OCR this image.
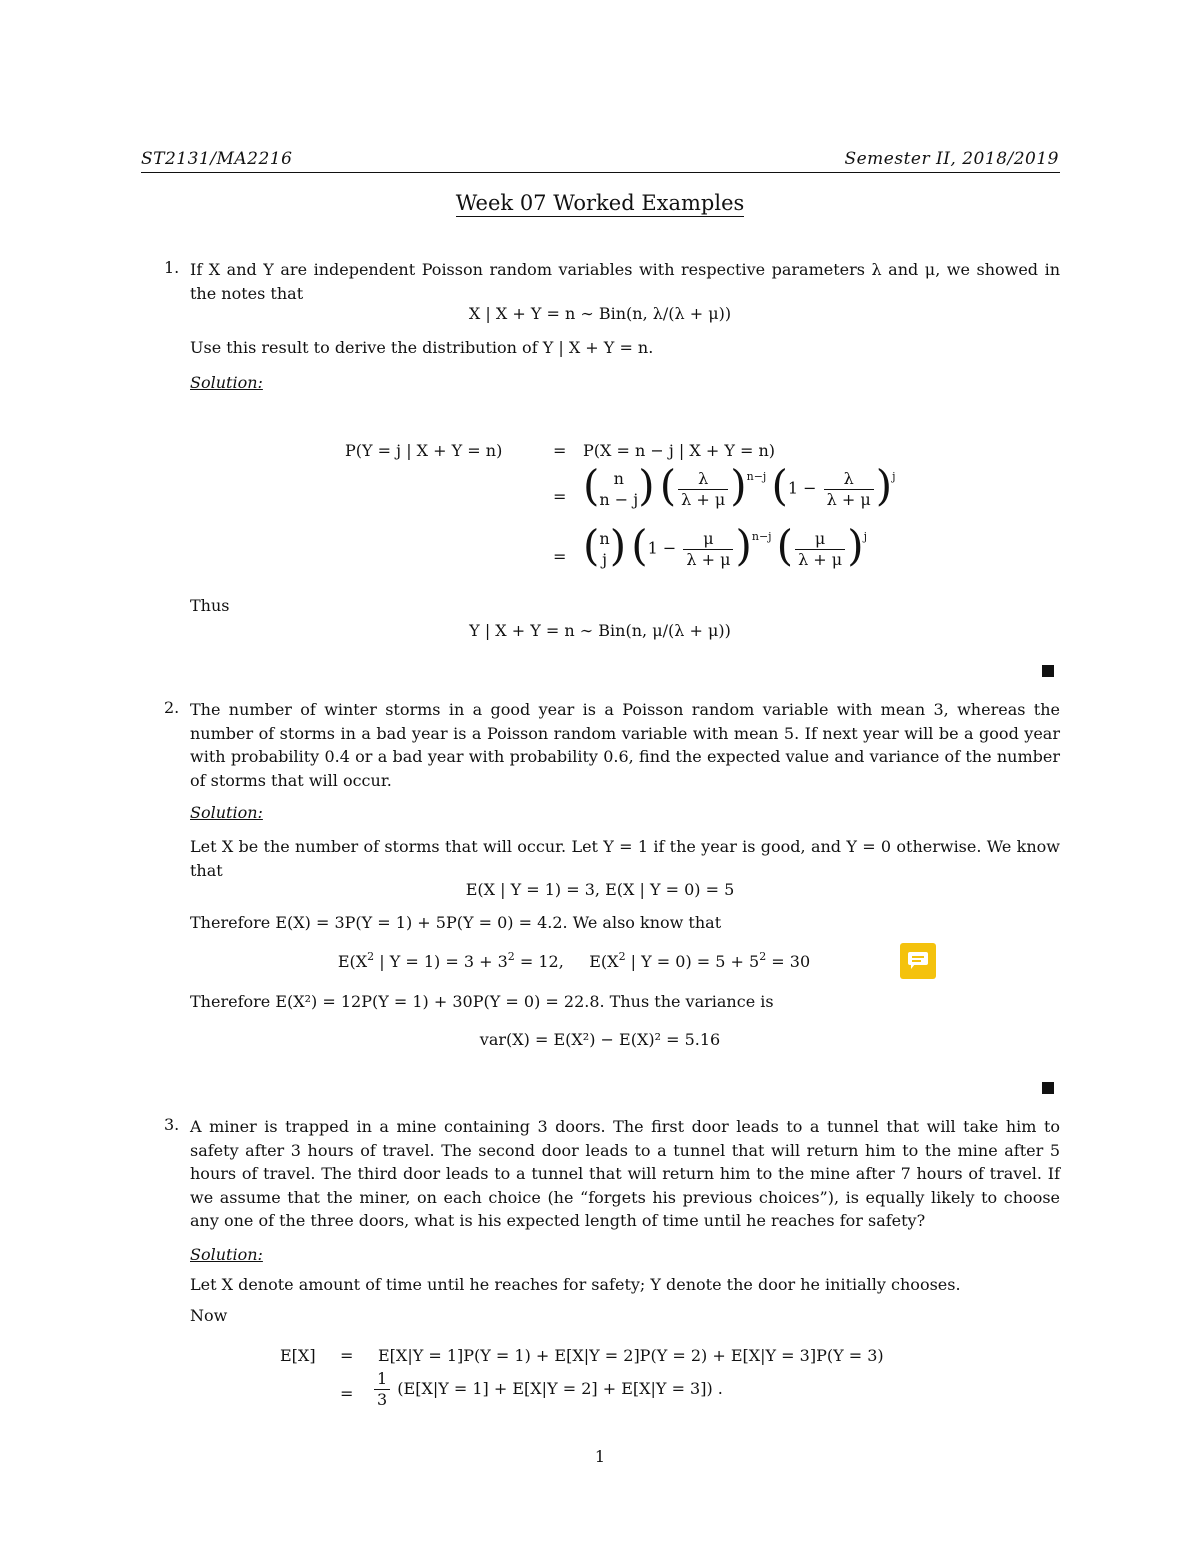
ST2131/MA2216	Semester II, 2018/2019
Week 07 Worked Examples
1. If X and Y are independent Poisson random variables with respective parameters λ and μ, we showed in the notes that
X | X + Y = n ∼ Bin(n, λ/(λ + μ))
Use this result to derive the distribution of Y | X + Y = n.
Solution:
P(Y = j | X + Y = n)	= P(X = n − j | X + Y = n)
= ( n
n − j ) ( $\frac{\lambda}{\lambda + \mu} )^{n-j}$ $(1 - \frac{\lambda}{\lambda + \mu} )^j$
= ( n
j ) $(1 - \frac{\mu}{\lambda + \mu} )^{n-j}$ ( $\frac{\mu}{\lambda + \mu} )^j$
Thus
Y | X + Y = n ∼ Bin(n, μ/(λ + μ))
2. The number of winter storms in a good year is a Poisson random variable with mean 3, whereas the number of storms in a bad year is a Poisson random variable with mean 5. If next year will be a good year with probability 0.4 or a bad year with probability 0.6, find the expected value and variance of the number of storms that will occur.
Solution:
Let X be the number of storms that will occur. Let Y = 1 if the year is good, and Y = 0 otherwise. We know that
E(X | Y = 1) = 3, E(X | Y = 0) = 5
Therefore E(X) = 3P(Y = 1) + 5P(Y = 0) = 4.2. We also know that
$E(X^2$ | $Y = 1) = 3 + 3^2 = 12$,     $E(X^2$ | $Y = 0) = 5 + 5^2 = 30$
Therefore E(X²) = 12P(Y = 1) + 30P(Y = 0) = 22.8. Thus the variance is
var(X) = E(X²) − E(X)² = 5.16
3. A miner is trapped in a mine containing 3 doors. The first door leads to a tunnel that will take him to safety after 3 hours of travel. The second door leads to a tunnel that will return him to the mine after 5 hours of travel. The third door leads to a tunnel that will return him to the mine after 7 hours of travel. If we assume that the miner, on each choice (he “forgets his previous choices”), is equally likely to choose any one of the three doors, what is his expected length of time until he reaches for safety?
Solution:
Let X denote amount of time until he reaches for safety; Y denote the door he initially chooses.
Now
E[X] = E[X|Y = 1]P(Y = 1) + E[X|Y = 2]P(Y = 2) + E[X|Y = 3]P(Y = 3)
= $\frac{1}{3} (E[X|Y = 1] + E[X|Y = 2] + E[X|Y = 3])$ .
1
